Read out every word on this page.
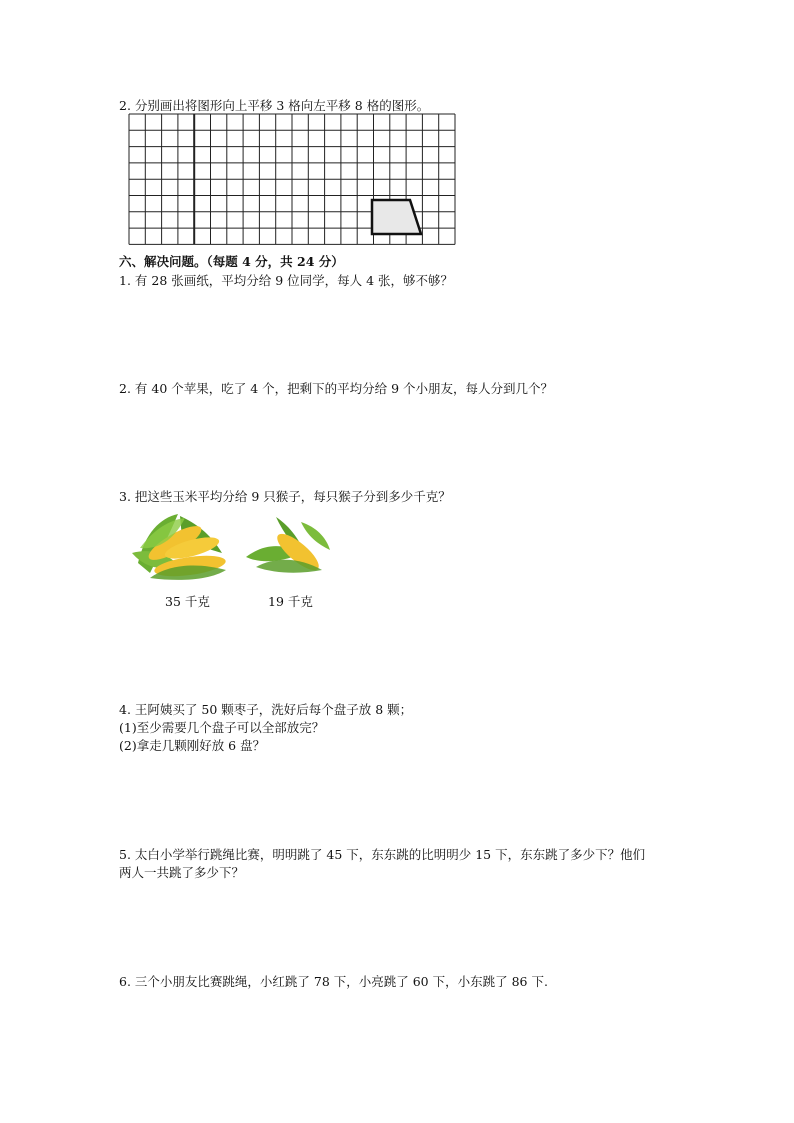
2. 分别画出将图形向上平移 3 格向左平移 8 格的图形。
六、解决问题。（每题 4 分，共 24 分）
1. 有 28 张画纸，平均分给 9 位同学，每人 4 张，够不够？
2. 有 40 个苹果，吃了 4 个，把剩下的平均分给 9 个小朋友，每人分到几个？
3. 把这些玉米平均分给 9 只猴子，每只猴子分到多少千克？
35 千克	19 千克
4. 王阿姨买了 50 颗枣子，洗好后每个盘子放 8 颗；
(1)至少需要几个盘子可以全部放完？
(2)拿走几颗刚好放 6 盘？
5. 太白小学举行跳绳比赛，明明跳了 45 下，东东跳的比明明少 15 下，东东跳了多少下？他们
两人一共跳了多少下？
6. 三个小朋友比赛跳绳，小红跳了 78 下，小亮跳了 60 下，小东跳了 86 下.
